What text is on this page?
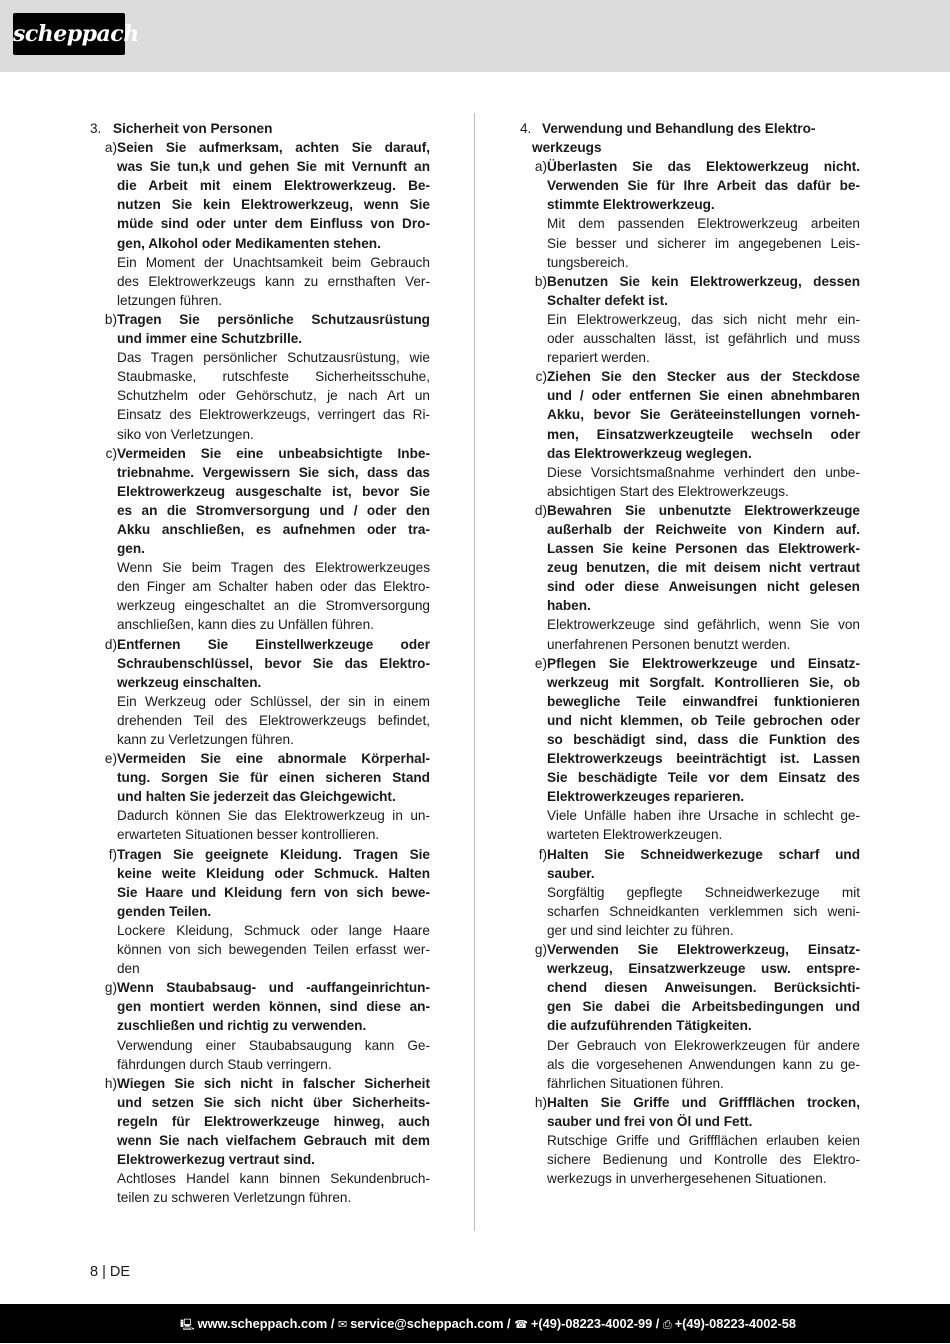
scheppach
3. Sicherheit von Personen
a) Seien Sie aufmerksam, achten Sie darauf,
was Sie tun,k und gehen Sie mit Vernunft an
die Arbeit mit einem Elektrowerkzeug. Be-
nutzen Sie kein Elektrowerkzeug, wenn Sie
müde sind oder unter dem Einfluss von Dro-
gen, Alkohol oder Medikamenten stehen.
Ein Moment der Unachtsamkeit beim Gebrauch
des Elektrowerkzeugs kann zu ernsthaften Ver-
letzungen führen.
b) Tragen Sie persönliche Schutzausrüstung
und immer eine Schutzbrille.
Das Tragen persönlicher Schutzausrüstung, wie
Staubmaske, rutschfeste Sicherheitsschuhe,
Schutzhelm oder Gehörschutz, je nach Art un
Einsatz des Elektrowerkzeugs, verringert das Ri-
siko von Verletzungen.
c) Vermeiden Sie eine unbeabsichtigte Inbe-
triebnahme. Vergewissern Sie sich, dass das
Elektrowerkzeug ausgeschalte ist, bevor Sie
es an die Stromversorgung und / oder den
Akku anschließen, es aufnehmen oder tra-
gen.
Wenn Sie beim Tragen des Elektrowerkzeuges
den Finger am Schalter haben oder das Elektro-
werkzeug eingeschaltet an die Stromversorgung
anschließen, kann dies zu Unfällen führen.
d) Entfernen Sie Einstellwerkzeuge oder
Schraubenschlüssel, bevor Sie das Elektro-
werkzeug einschalten.
Ein Werkzeug oder Schlüssel, der sin in einem
drehenden Teil des Elektrowerkzeugs befindet,
kann zu Verletzungen führen.
e) Vermeiden Sie eine abnormale Körperhal-
tung. Sorgen Sie für einen sicheren Stand
und halten Sie jederzeit das Gleichgewicht.
Dadurch können Sie das Elektrowerkzeug in un-
erwarteten Situationen besser kontrollieren.
f) Tragen Sie geeignete Kleidung. Tragen Sie
keine weite Kleidung oder Schmuck. Halten
Sie Haare und Kleidung fern von sich bewe-
genden Teilen.
Lockere Kleidung, Schmuck oder lange Haare
können von sich bewegenden Teilen erfasst wer-
den
g) Wenn Staubabsaug- und -auffangeinrichtun-
gen montiert werden können, sind diese an-
zuschließen und richtig zu verwenden.
Verwendung einer Staubabsaugung kann Ge-
fährdungen durch Staub verringern.
h) Wiegen Sie sich nicht in falscher Sicherheit
und setzen Sie sich nicht über Sicherheits-
regeln für Elektrowerkzeuge hinweg, auch
wenn Sie nach vielfachem Gebrauch mit dem
Elektrowerkezug vertraut sind.
Achtloses Handel kann binnen Sekundenbruch-
teilen zu schweren Verletzungn führen.
4. Verwendung und Behandlung des Elektro-
werkzeugs
a) Überlasten Sie das Elektowerkzeug nicht.
Verwenden Sie für Ihre Arbeit das dafür be-
stimmte Elektrowerkzeug.
Mit dem passenden Elektrowerkzeug arbeiten
Sie besser und sicherer im angegebenen Leis-
tungsbereich.
b) Benutzen Sie kein Elektrowerkzeug, dessen
Schalter defekt ist.
Ein Elektrowerkzeug, das sich nicht mehr ein-
oder ausschalten lässt, ist gefährlich und muss
repariert werden.
c) Ziehen Sie den Stecker aus der Steckdose
und / oder entfernen Sie einen abnehmbaren
Akku, bevor Sie Geräteeinstellungen vorneh-
men, Einsatzwerkzeugteile wechseln oder
das Elektrowerkzeug weglegen.
Diese Vorsichtsmaßnahme verhindert den unbe-
absichtigen Start des Elektrowerkzeugs.
d) Bewahren Sie unbenutzte Elektrowerkzeuge
außerhalb der Reichweite von Kindern auf.
Lassen Sie keine Personen das Elektrowerk-
zeug benutzen, die mit deisem nicht vertraut
sind oder diese Anweisungen nicht gelesen
haben.
Elektrowerkzeuge sind gefährlich, wenn Sie von
unerfahrenen Personen benutzt werden.
e) Pflegen Sie Elektrowerkzeuge und Einsatz-
werkzeug mit Sorgfalt. Kontrollieren Sie, ob
bewegliche Teile einwandfrei funktionieren
und nicht klemmen, ob Teile gebrochen oder
so beschädigt sind, dass die Funktion des
Elektrowerkzeugs beeinträchtigt ist. Lassen
Sie beschädigte Teile vor dem Einsatz des
Elektrowerkzeuges reparieren.
Viele Unfälle haben ihre Ursache in schlecht ge-
warteten Elektrowerkzeugen.
f) Halten Sie Schneidwerkezuge scharf und
sauber.
Sorgfältig gepflegte Schneidwerkezuge mit
scharfen Schneidkanten verklemmen sich weni-
ger und sind leichter zu führen.
g) Verwenden Sie Elektrowerkzeug, Einsatz-
werkzeug, Einsatzwerkzeuge usw. entspre-
chend diesen Anweisungen. Berücksichti-
gen Sie dabei die Arbeitsbedingungen und
die aufzuführenden Tätigkeiten.
Der Gebrauch von Elekrowerkzeugen für andere
als die vorgesehenen Anwendungen kann zu ge-
fährlichen Situationen führen.
h) Halten Sie Griffe und Griffflächen trocken,
sauber und frei von Öl und Fett.
Rutschige Griffe und Griffflächen erlauben keien
sichere Bedienung und Kontrolle des Elektro-
werkezugs in unverhergesehenen Situationen.
8 | DE
🖳 www.scheppach.com / ✉ service@scheppach.com / ☎ +(49)-08223-4002-99 / ⎙ +(49)-08223-4002-58
